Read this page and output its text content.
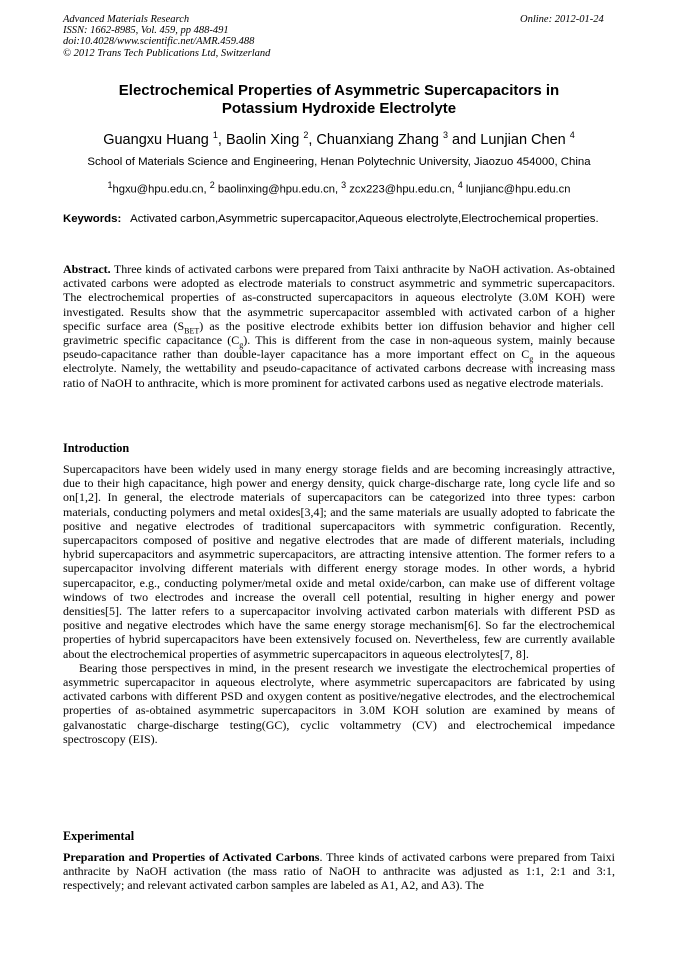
Advanced Materials Research
ISSN: 1662-8985, Vol. 459, pp 488-491
doi:10.4028/www.scientific.net/AMR.459.488
© 2012 Trans Tech Publications Ltd, Switzerland
Online: 2012-01-24
Electrochemical Properties of Asymmetric Supercapacitors in
Potassium Hydroxide Electrolyte
Guangxu Huang $^1$, Baolin Xing $^2$, Chuanxiang Zhang $^3$ and Lunjian Chen $^4$
School of Materials Science and Engineering, Henan Polytechnic University, Jiaozuo 454000, China
$^1$hgxu@hpu.edu.cn, $^2$ baolinxing@hpu.edu.cn, $^3$ zcx223@hpu.edu.cn, $^4$ lunjianc@hpu.edu.cn
Keywords: Activated carbon,Asymmetric supercapacitor,Aqueous electrolyte,Electrochemical properties.

Abstract. Three kinds of activated carbons were prepared from Taixi anthracite by NaOH activation. As-obtained activated carbons were adopted as electrode materials to construct asymmetric and symmetric supercapacitors. The electrochemical properties of as-constructed supercapacitors in aqueous electrolyte (3.0M KOH) were investigated. Results show that the asymmetric supercapacitor assembled with activated carbon of a higher specific surface area $(S_{BET})$ as the positive electrode exhibits better ion diffusion behavior and higher cell gravimetric specific capacitance $(C_g)$. This is different from the case in non-aqueous system, mainly because pseudo-capacitance rather than double-layer capacitance has a more important effect on $C_g$ in the aqueous electrolyte. Namely, the wettability and pseudo-capacitance of activated carbons decrease with increasing mass ratio of NaOH to anthracite, which is more prominent for activated carbons used as negative electrode materials.

Introduction

Supercapacitors have been widely used in many energy storage fields and are becoming increasingly attractive, due to their high capacitance, high power and energy density, quick charge-discharge rate, long cycle life and so on[1,2]. In general, the electrode materials of supercapacitors can be categorized into three types: carbon materials, conducting polymers and metal oxides[3,4]; and the same materials are usually adopted to fabricate the positive and negative electrodes of traditional supercapacitors with symmetric configuration. Recently, supercapacitors composed of positive and negative electrodes that are made of different materials, including hybrid supercapacitors and asymmetric supercapacitors, are attracting intensive attention. The former refers to a supercapacitor involving different materials with different energy storage modes. In other words, a hybrid supercapacitor, e.g., conducting polymer/metal oxide and metal oxide/carbon, can make use of different voltage windows of two electrodes and increase the overall cell potential, resulting in higher energy and power densities[5]. The latter refers to a supercapacitor involving activated carbon materials with different PSD as positive and negative electrodes which have the same energy storage mechanism[6]. So far the electrochemical properties of hybrid supercapacitors have been extensively focused on. Nevertheless, few are currently available about the electrochemical properties of asymmetric supercapacitors in aqueous electrolytes[7, 8].

Bearing those perspectives in mind, in the present research we investigate the electrochemical properties of asymmetric supercapacitor in aqueous electrolyte, where asymmetric supercapacitors are fabricated by using activated carbons with different PSD and oxygen content as positive/negative electrodes, and the electrochemical properties of as-obtained asymmetric supercapacitors in 3.0M KOH solution are examined by means of galvanostatic charge-discharge testing(GC), cyclic voltammetry (CV) and electrochemical impedance spectroscopy (EIS).

Experimental

Preparation and Properties of Activated Carbons. Three kinds of activated carbons were prepared from Taixi anthracite by NaOH activation (the mass ratio of NaOH to anthracite was adjusted as 1:1, 2:1 and 3:1, respectively; and relevant activated carbon samples are labeled as A1, A2, and A3). The
